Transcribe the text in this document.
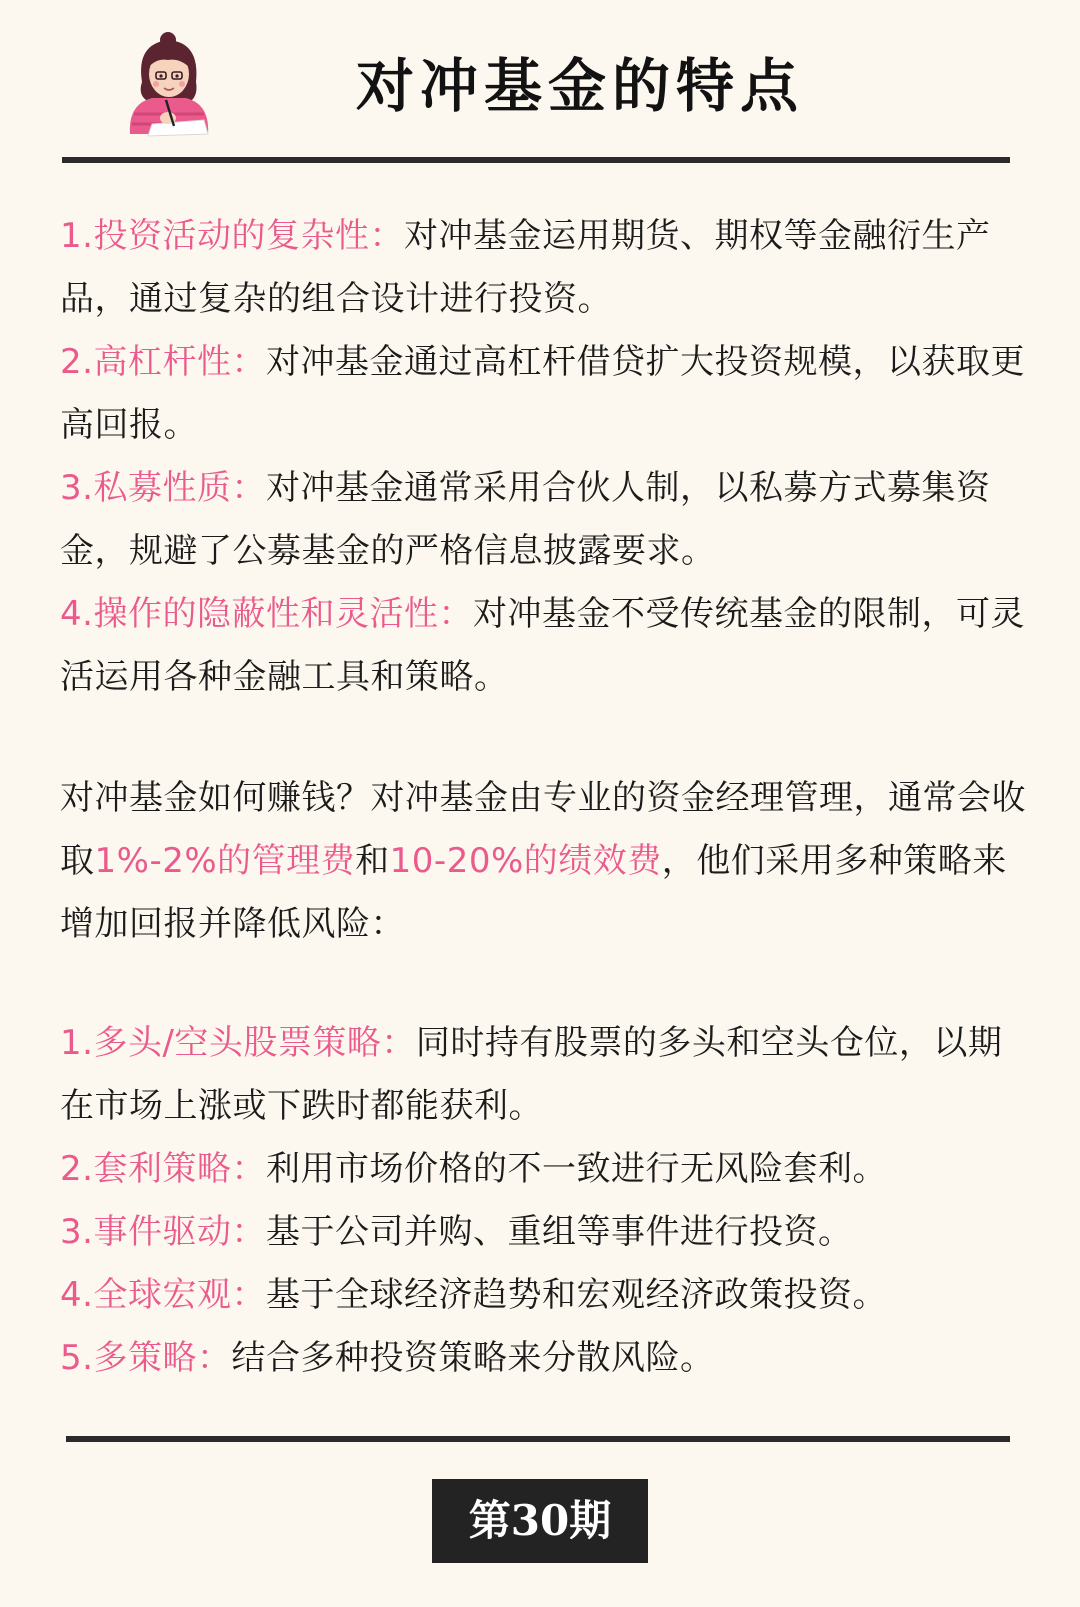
对冲基金的特点

1.投资活动的复杂性：对冲基金运用期货、期权等金融衍生产品，通过复杂的组合设计进行投资。

2.高杠杆性：对冲基金通过高杠杆借贷扩大投资规模，以获取更高回报。

3.私募性质：对冲基金通常采用合伙人制，以私募方式募集资金，规避了公募基金的严格信息披露要求。

4.操作的隐蔽性和灵活性：对冲基金不受传统基金的限制，可灵活运用各种金融工具和策略。

对冲基金如何赚钱？对冲基金由专业的资金经理管理，通常会收取1%-2%的管理费和10-20%的绩效费，他们采用多种策略来增加回报并降低风险：

1.多头/空头股票策略：同时持有股票的多头和空头仓位，以期在市场上涨或下跌时都能获利。

2.套利策略：利用市场价格的不一致进行无风险套利。

3.事件驱动：基于公司并购、重组等事件进行投资。

4.全球宏观：基于全球经济趋势和宏观经济政策投资。

5.多策略：结合多种投资策略来分散风险。

第30期
